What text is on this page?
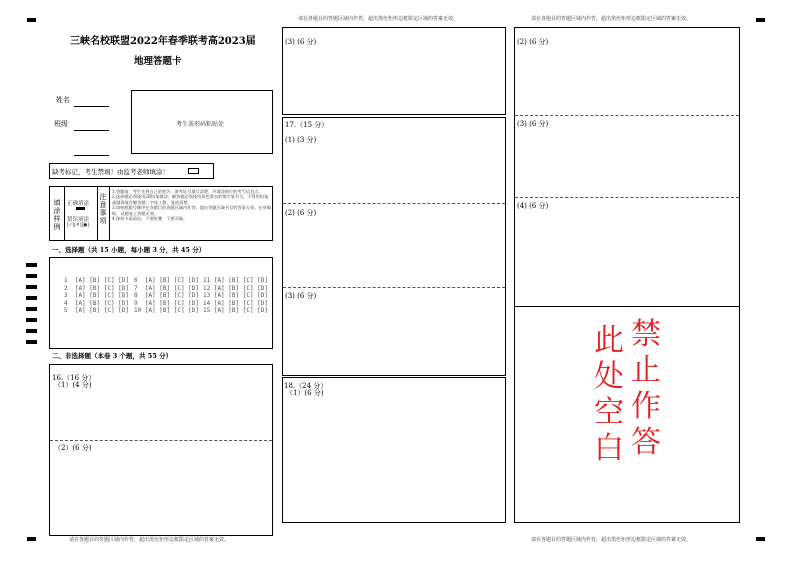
三峡名校联盟2022年春季联考高2023届
地理答题卡
姓名
班级	考生条形码粘贴处
缺考标记，考生禁填！由监考老师填涂！
填涂样例
正确填涂
错误填涂
[✓][✗][●]
注意事项
1.答题前，考生先将自己的姓名、准考证号填写清楚，并填涂相应的考号信息点。
2.选择题必须使用2B铅笔填涂；解答题必须使用黑色墨水的签字笔书写，不得用铅笔或圆珠笔作解答题；字体工整、笔迹清楚。
3.请按照题号顺序在各题目的答题区域内作答，超出答题区域书写的答案无效；在草稿纸、试题卷上答题无效。
4.保持卡面清洁，不要折叠、不要弄破。
一、选择题（共 15 小题，每小题 3 分，共 45 分）
1  [A] [B] [C] [D]
2  [A] [B] [C] [D]
3  [A] [B] [C] [D]
4  [A] [B] [C] [D]
5  [A] [B] [C] [D]
6  [A] [B] [C] [D]
7  [A] [B] [C] [D]
8  [A] [B] [C] [D]
9  [A] [B] [C] [D]
10 [A] [B] [C] [D]
11 [A] [B] [C] [D]
12 [A] [B] [C] [D]
13 [A] [B] [C] [D]
14 [A] [B] [C] [D]
15 [A] [B] [C] [D]
二、非选择题（本卷 3 个题，共 55 分）
16.（16 分）
（1）(4 分)
（2）(6 分)
请在各题目的答题区域内作答，超出黑色矩形边框限定区域的答案无效。
请在各题目的答题区域内作答，超出黑色矩形边框限定区域的答案无效。
(3) (6 分)
17.（15 分）
(1) (3 分)
(2) (6 分)
(3) (6 分)
18.（24 分）
（1）(6 分)
请在各题目的答题区域内作答，超出黑色矩形边框限定区域的答案无效。
(2) (6 分)
(3) (6 分)
(4) (6 分)
此
处
空
白
禁
止
作
答
请在各题目的答题区域内作答，超出黑色矩形边框限定区域的答案无效。
